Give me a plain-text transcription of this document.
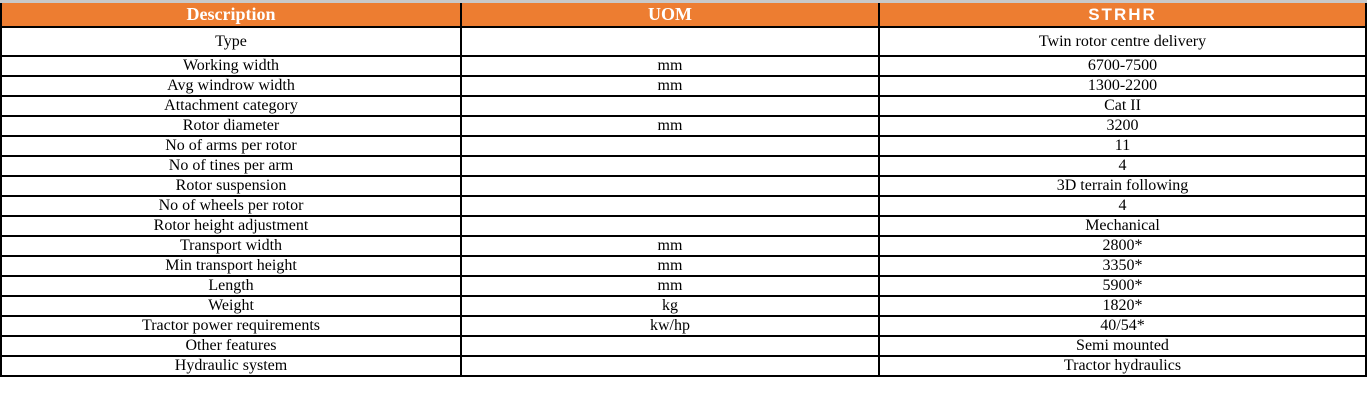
Description	UOM	STRHR
Type		Twin rotor centre delivery
Working width	mm	6700-7500
Avg windrow width	mm	1300-2200
Attachment category		Cat II
Rotor diameter	mm	3200
No of arms per rotor		11
No of tines per arm		4
Rotor suspension		3D terrain following
No of wheels per rotor		4
Rotor height adjustment		Mechanical
Transport width	mm	2800*
Min transport height	mm	3350*
Length	mm	5900*
Weight	kg	1820*
Tractor power requirements	kw/hp	40/54*
Other features		Semi mounted
Hydraulic system		Tractor hydraulics
